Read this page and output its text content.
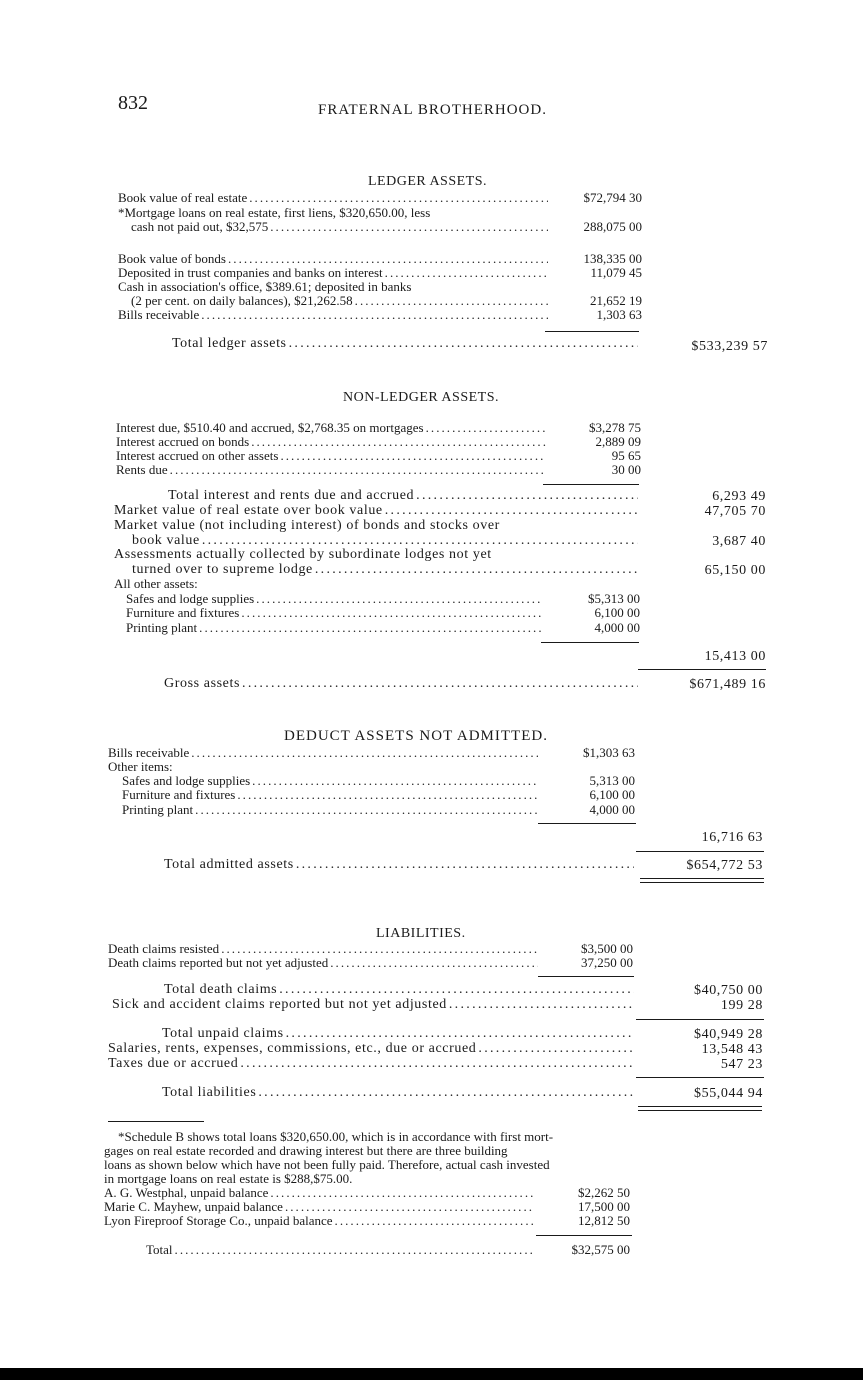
832	FRATERNAL BROTHERHOOD.
LEDGER ASSETS.
Book value of real estate . . .	$72,794 30
*Mortgage loans on real estate, first liens, $320,650.00, less
cash not paid out, $32,575 . . .	288,075 00
Book value of bonds . . .	138,335 00
Deposited in trust companies and banks on interest . . .	11,079 45
Cash in association's office, $389.61; deposited in banks
(2 per cent. on daily balances), $21,262.58 . . .	21,652 19
Bills receivable . . .	1,303 63
Total ledger assets . . .	$533,239 57
NON-LEDGER ASSETS.
Interest due, $510.40 and accrued, $2,768.35 on mortgages . . .	$3,278 75
Interest accrued on bonds . . .	2,889 09
Interest accrued on other assets . . .	95 65
Rents due . . .	30 00
Total interest and rents due and accrued . . .	6,293 49
Market value of real estate over book value . . .	47,705 70
Market value (not including interest) of bonds and stocks over
book value . . .	3,687 40
Assessments actually collected by subordinate lodges not yet
turned over to supreme lodge . . .	65,150 00
All other assets:
Safes and lodge supplies . . .	$5,313 00
Furniture and fixtures . . .	6,100 00
Printing plant . . .	4,000 00
15,413 00
Gross assets . . .	$671,489 16
DEDUCT ASSETS NOT ADMITTED.
Bills receivable . . .	$1,303 63
Other items:
Safes and lodge supplies . . .	5,313 00
Furniture and fixtures . . .	6,100 00
Printing plant . . .	4,000 00
16,716 63
Total admitted assets . . .	$654,772 53
LIABILITIES.
Death claims resisted . . .	$3,500 00
Death claims reported but not yet adjusted . . .	37,250 00
Total death claims . . .	$40,750 00
Sick and accident claims reported but not yet adjusted . . .	199 28
Total unpaid claims . . .	$40,949 28
Salaries, rents, expenses, commissions, etc., due or accrued . . .	13,548 43
Taxes due or accrued . . .	547 23
Total liabilities . . .	$55,044 94
*Schedule B shows total loans $320,650.00, which is in accordance with first mort-
gages on real estate recorded and drawing interest but there are three building
loans as shown below which have not been fully paid. Therefore, actual cash invested
in mortgage loans on real estate is $288,$75.00.
A. G. Westphal, unpaid balance . . .	$2,262 50
Marie C. Mayhew, unpaid balance . . .	17,500 00
Lyon Fireproof Storage Co., unpaid balance . . .	12,812 50
Total . . .	$32,575 00
